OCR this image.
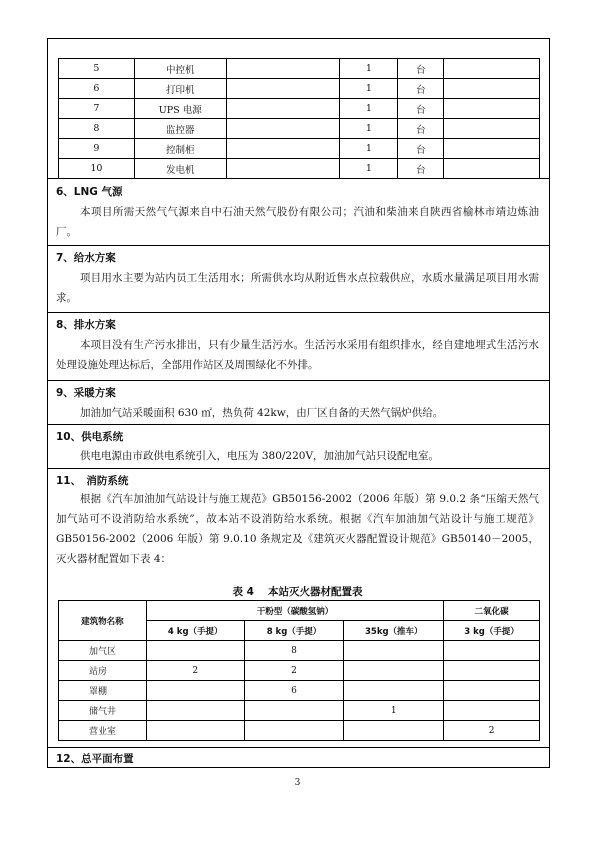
5	中控机		1	台	
6	打印机		1	台	
7	UPS 电源		1	台	
8	监控器		1	台	
9	控制柜		1	台	
10	发电机		1	台	
6、LNG 气源
本项目所需天然气气源来自中石油天然气股份有限公司；汽油和柴油来自陕西省榆林市靖边炼油厂。
7、给水方案
项目用水主要为站内员工生活用水；所需供水均从附近售水点拉载供应，水质水量满足项目用水需求。
8、排水方案
本项目没有生产污水排出，只有少量生活污水。生活污水采用有组织排水，经自建地埋式生活污水处理设施处理达标后，全部用作站区及周围绿化不外排。
9、采暖方案
加油加气站采暖面积 630 ㎡，热负荷 42kw，由厂区自备的天然气锅炉供给。
10、供电系统
供电电源由市政供电系统引入，电压为 380/220V，加油加气站只设配电室。
11、　消防系统
根据《汽车加油加气站设计与施工规范》GB50156-2002（2006 年版）第 9.0.2 条“压缩天然气加气站可不设消防给水系统”，故本站不设消防给水系统。根据《汽车加油加气站设计与施工规范》GB50156-2002（2006 年版）第 9.0.10 条规定及《建筑灭火器配置设计规范》GB50140－2005，灭火器材配置如下表 4：
表 4　 本站灭火器材配置表
建筑物名称	干粉型（碳酸氢钠）			二氧化碳
	4 kg（手提）	8 kg（手提）	35kg（推车）	3 kg（手提）
加气区		8		
站房	2	2		
罩棚		6		
储气井			1	
营业室				2
12、总平面布置
3
